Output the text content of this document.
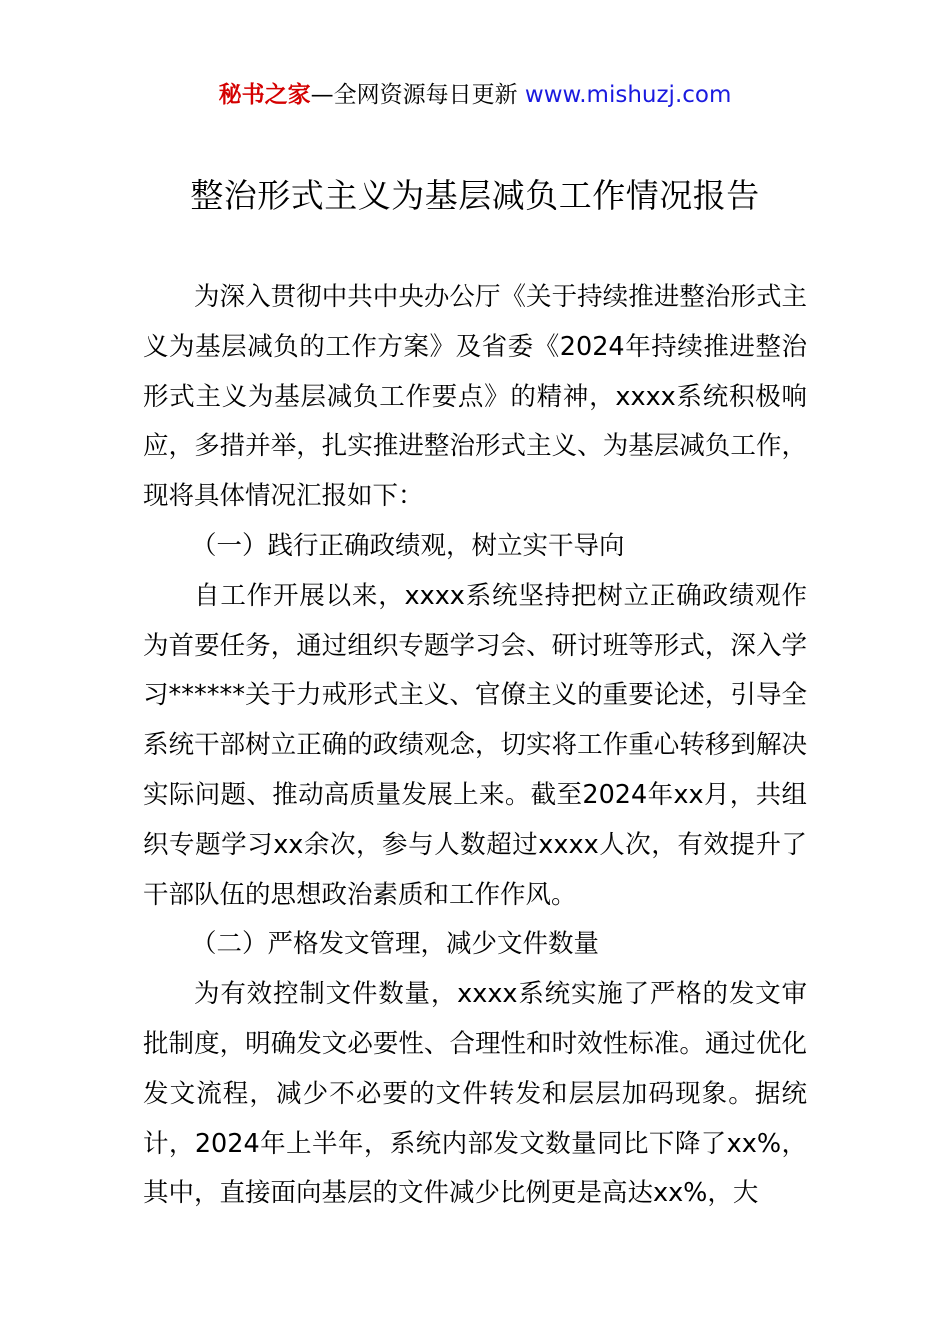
秘书之家—全网资源每日更新 www.mishuzj.com
整治形式主义为基层减负工作情况报告

为深入贯彻中共中央办公厅《关于持续推进整治形式主义为基层减负的工作方案》及省委《2024年持续推进整治形式主义为基层减负工作要点》的精神，xxxx系统积极响应，多措并举，扎实推进整治形式主义、为基层减负工作，现将具体情况汇报如下：

（一）践行正确政绩观，树立实干导向

自工作开展以来，xxxx系统坚持把树立正确政绩观作为首要任务，通过组织专题学习会、研讨班等形式，深入学习******关于力戒形式主义、官僚主义的重要论述，引导全系统干部树立正确的政绩观念，切实将工作重心转移到解决实际问题、推动高质量发展上来。截至2024年xx月，共组织专题学习xx余次，参与人数超过xxxx人次，有效提升了干部队伍的思想政治素质和工作作风。

（二）严格发文管理，减少文件数量

为有效控制文件数量，xxxx系统实施了严格的发文审批制度，明确发文必要性、合理性和时效性标准。通过优化发文流程，减少不必要的文件转发和层层加码现象。据统计，2024年上半年，系统内部发文数量同比下降了xx%，其中，直接面向基层的文件减少比例更是高达xx%，大
